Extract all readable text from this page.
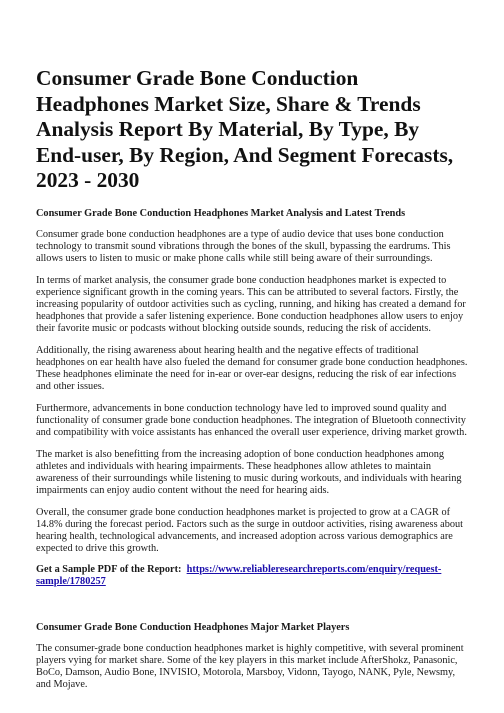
Consumer Grade Bone Conduction Headphones Market Size, Share & Trends Analysis Report By Material, By Type, By End-user, By Region, And Segment Forecasts, 2023 - 2030
Consumer Grade Bone Conduction Headphones Market Analysis and Latest Trends

Consumer grade bone conduction headphones are a type of audio device that uses bone conduction technology to transmit sound vibrations through the bones of the skull, bypassing the eardrums. This allows users to listen to music or make phone calls while still being aware of their surroundings.

In terms of market analysis, the consumer grade bone conduction headphones market is expected to experience significant growth in the coming years. This can be attributed to several factors. Firstly, the increasing popularity of outdoor activities such as cycling, running, and hiking has created a demand for headphones that provide a safer listening experience. Bone conduction headphones allow users to enjoy their favorite music or podcasts without blocking outside sounds, reducing the risk of accidents.

Additionally, the rising awareness about hearing health and the negative effects of traditional headphones on ear health have also fueled the demand for consumer grade bone conduction headphones. These headphones eliminate the need for in-ear or over-ear designs, reducing the risk of ear infections and other issues.

Furthermore, advancements in bone conduction technology have led to improved sound quality and functionality of consumer grade bone conduction headphones. The integration of Bluetooth connectivity and compatibility with voice assistants has enhanced the overall user experience, driving market growth.

The market is also benefitting from the increasing adoption of bone conduction headphones among athletes and individuals with hearing impairments. These headphones allow athletes to maintain awareness of their surroundings while listening to music during workouts, and individuals with hearing impairments can enjoy audio content without the need for hearing aids.

Overall, the consumer grade bone conduction headphones market is projected to grow at a CAGR of 14.8% during the forecast period. Factors such as the surge in outdoor activities, rising awareness about hearing health, technological advancements, and increased adoption across various demographics are expected to drive this growth.

Get a Sample PDF of the Report: https://www.reliableresearchreports.com/enquiry/request-sample/1780257

Consumer Grade Bone Conduction Headphones Major Market Players

The consumer-grade bone conduction headphones market is highly competitive, with several prominent players vying for market share. Some of the key players in this market include AfterShokz, Panasonic, BoCo, Damson, Audio Bone, INVISIO, Motorola, Marsboy, Vidonn, Tayogo, NANK, Pyle, Newsmy, and Mojave.
